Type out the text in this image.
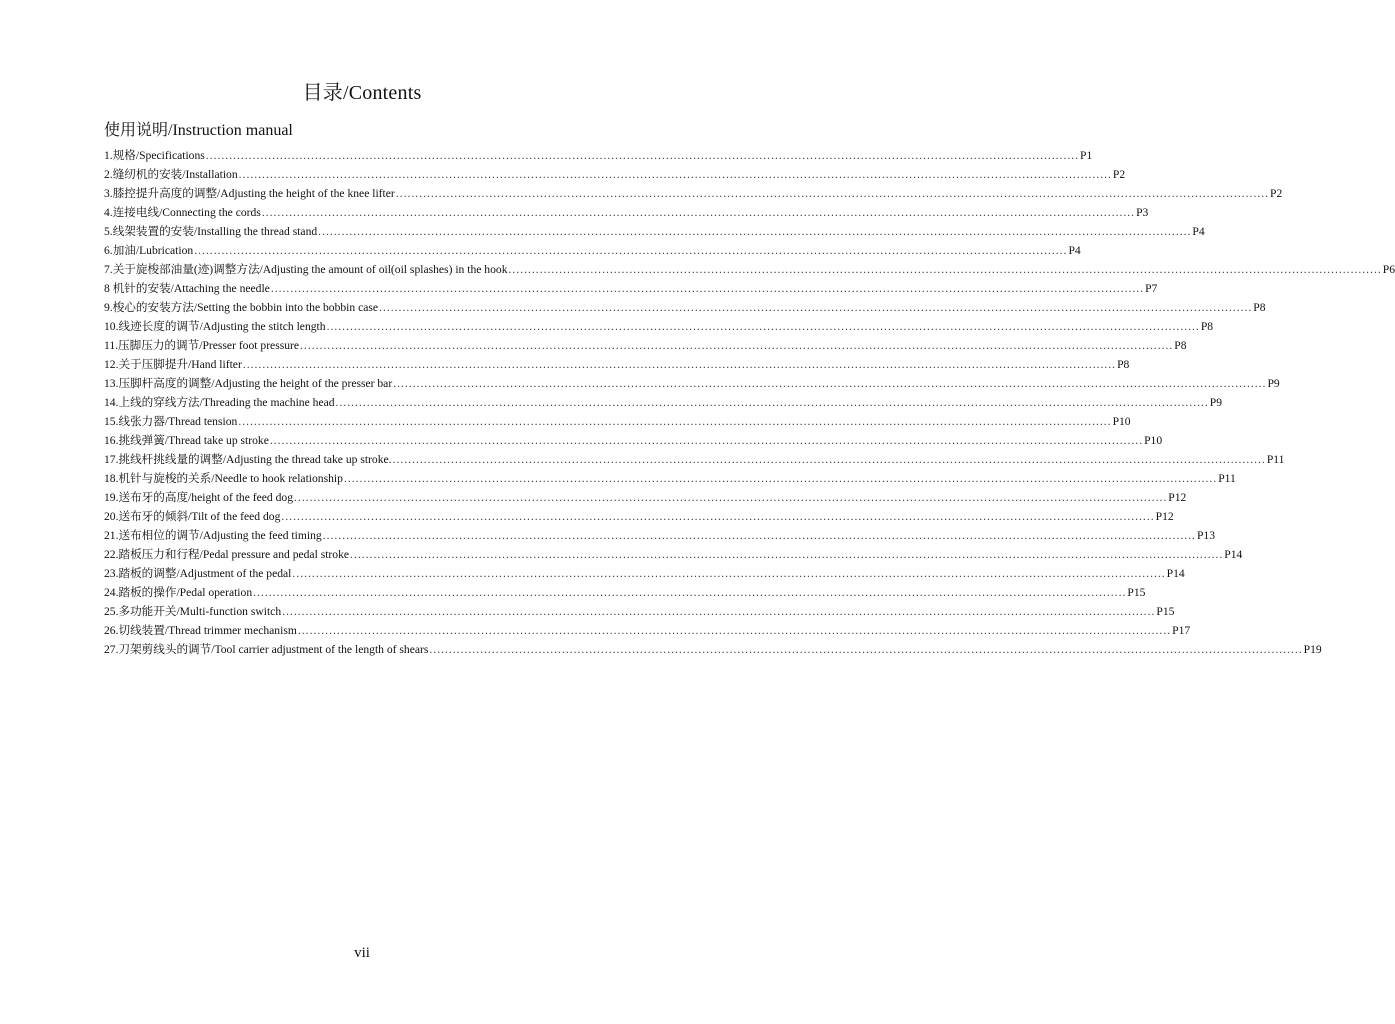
目录/Contents
使用说明/Instruction manual
1.规格/Specifications .....	P1
2.缝纫机的安装/Installation .....	P2
3.膝控提升高度的调整/Adjusting the height of the knee lifter .....	P2
4.连接电线/Connecting the cords .....	P3
5.线架装置的安装/Installing the thread stand .....	P4
6.加油/Lubrication .....	P4
7.关于旋梭部油量(迹)调整方法/Adjusting the amount of oil(oil splashes) in the hook .....	P6
8 机针的安装/Attaching the needle .....	P7
9.梭心的安装方法/Setting the bobbin into the bobbin case .....	P8
10.线迹长度的调节/Adjusting the stitch length .....	P8
11.压脚压力的调节/Presser foot pressure .....	P8
12.关于压脚提升/Hand lifter .....	P8
13.压脚杆高度的调整/Adjusting the height of the presser bar .....	P9
14.上线的穿线方法/Threading the machine head .....	P9
15.线张力器/Thread tension .....	P10
16.挑线弹簧/Thread take up stroke .....	P10
17.挑线杆挑线量的调整/Adjusting the thread take up stroke. .....	P11
18.机针与旋梭的关系/Needle to hook relationship .....	P11
19.送布牙的高度/height of the feed dog .....	P12
20.送布牙的倾斜/Tilt of the feed dog .....	P12
21.送布相位的调节/Adjusting the feed timing .....	P13
22.踏板压力和行程/Pedal pressure and pedal stroke .....	P14
23.踏板的调整/Adjustment of the pedal .....	P14
24.踏板的操作/Pedal operation .....	P15
25.多功能开关/Multi-function switch .....	P15
26.切线装置/Thread trimmer mechanism .....	P17
27.刀架剪线头的调节/Tool carrier adjustment of the length of shears .....	P19
vii
